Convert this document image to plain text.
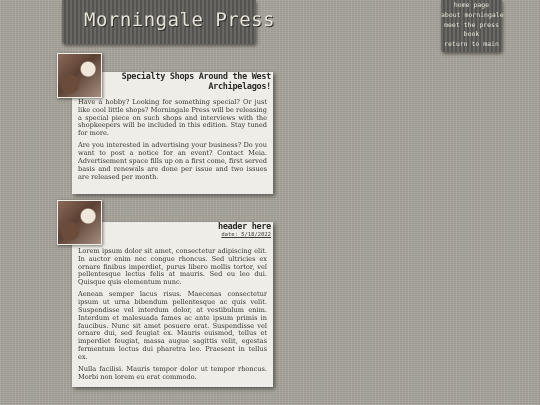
Morningale Press
home page
about morningale
meet the press
book
return to main
Specialty Shops Around the West
Archipelagos!

Have a hobby? Looking for something special? Or just like cool little shops? Morningale Press will be releasing a special piece on such shops and interviews with the shopkeepers will be included in this edition. Stay tuned for more.

Are you interested in advertising your business? Do you want to post a notice for an event? Contact Meia. Advertisement space fills up on a first come, first served basis and renewals are done per issue and two issues are released per month.

header here
date: 5/18/2022

Lorem ipsum dolor sit amet, consectetur adipiscing elit. In auctor enim nec congue rhoncus. Sed ultricies ex ornare finibus imperdiet, purus libero mollis tortor, vel pellentesque lectus felis at mauris. Sed eu leo dui. Quisque quis elementum nunc.

Aenean semper lacus risus. Maecenas consectetur ipsum ut urna bibendum pellentesque ac quis velit. Suspendisse vel interdum dolor, at vestibulum enim. Interdum et malesuada fames ac ante ipsum primis in faucibus. Nunc sit amet posuere erat. Suspendisse vel ornare dui, sed feugiat ex. Mauris euismod, tellus et imperdiet feugiat, massa augue sagittis velit, egestas fermentum lectus dui pharetra leo. Praesent in tellus ex.

Nulla facilisi. Mauris tempor dolor ut tempor rhoncus. Morbi non lorem eu erat commodo.
